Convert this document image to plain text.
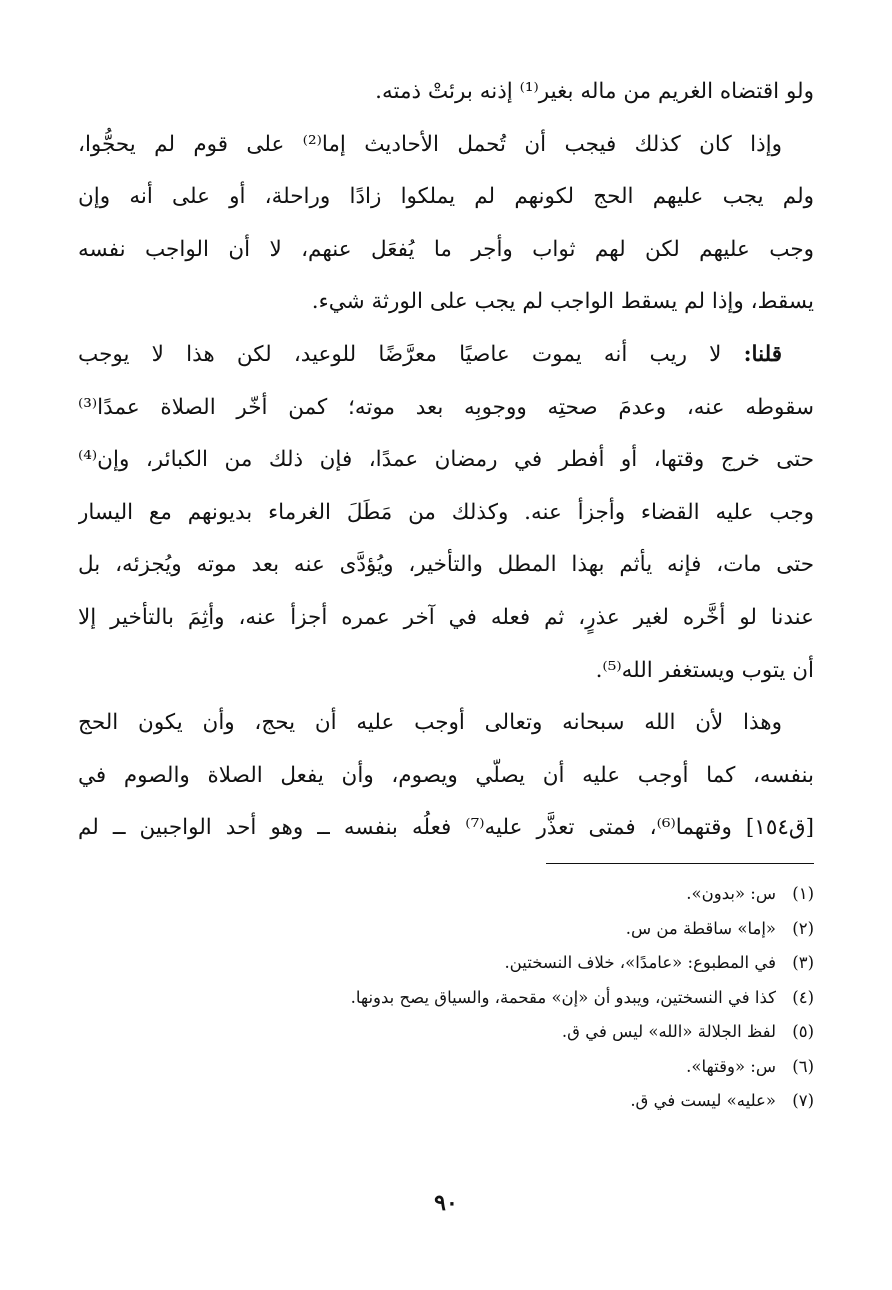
ولو اقتضاه الغريم من ماله بغير⁽¹⁾ إذنه برئتْ ذمته.
وإذا كان كذلك فيجب أن تُحمل الأحاديث إما⁽²⁾ على قوم لم يحجُّوا،
ولم يجب عليهم الحج لكونهم لم يملكوا زادًا وراحلة، أو على أنه وإن
وجب عليهم لكن لهم ثواب وأجر ما يُفعَل عنهم، لا أن الواجب نفسه
يسقط، وإذا لم يسقط الواجب لم يجب على الورثة شيء.
قلنا: لا ريب أنه يموت عاصيًا معرَّضًا للوعيد، لكن هذا لا يوجب
سقوطه عنه، وعدمَ صحتِه ووجوبِه بعد موته؛ كمن أخّر الصلاة عمدًا⁽³⁾
حتى خرج وقتها، أو أفطر في رمضان عمدًا، فإن ذلك من الكبائر، وإن⁽⁴⁾
وجب عليه القضاء وأجزأ عنه. وكذلك من مَطَلَ الغرماء بديونهم مع اليسار
حتى مات، فإنه يأثم بهذا المطل والتأخير، ويُؤدَّى عنه بعد موته ويُجزئه، بل
عندنا لو أخَّره لغير عذرٍ، ثم فعله في آخر عمره أجزأ عنه، وأثِمَ بالتأخير إلا
أن يتوب ويستغفر الله⁽⁵⁾.
وهذا لأن الله سبحانه وتعالى أوجب عليه أن يحج، وأن يكون الحج
بنفسه، كما أوجب عليه أن يصلّي ويصوم، وأن يفعل الصلاة والصوم في
[ق١٥٤] وقتهما⁽⁶⁾، فمتى تعذَّر عليه⁽⁷⁾ فعلُه بنفسه ــ وهو أحد الواجبين ــ لم
(١)س: «بدون».
(٢)«إما» ساقطة من س.
(٣)في المطبوع: «عامدًا»، خلاف النسختين.
(٤)كذا في النسختين، ويبدو أن «إن» مقحمة، والسياق يصح بدونها.
(٥)لفظ الجلالة «الله» ليس في ق.
(٦)س: «وقتها».
(٧)«عليه» ليست في ق.
٩٠
